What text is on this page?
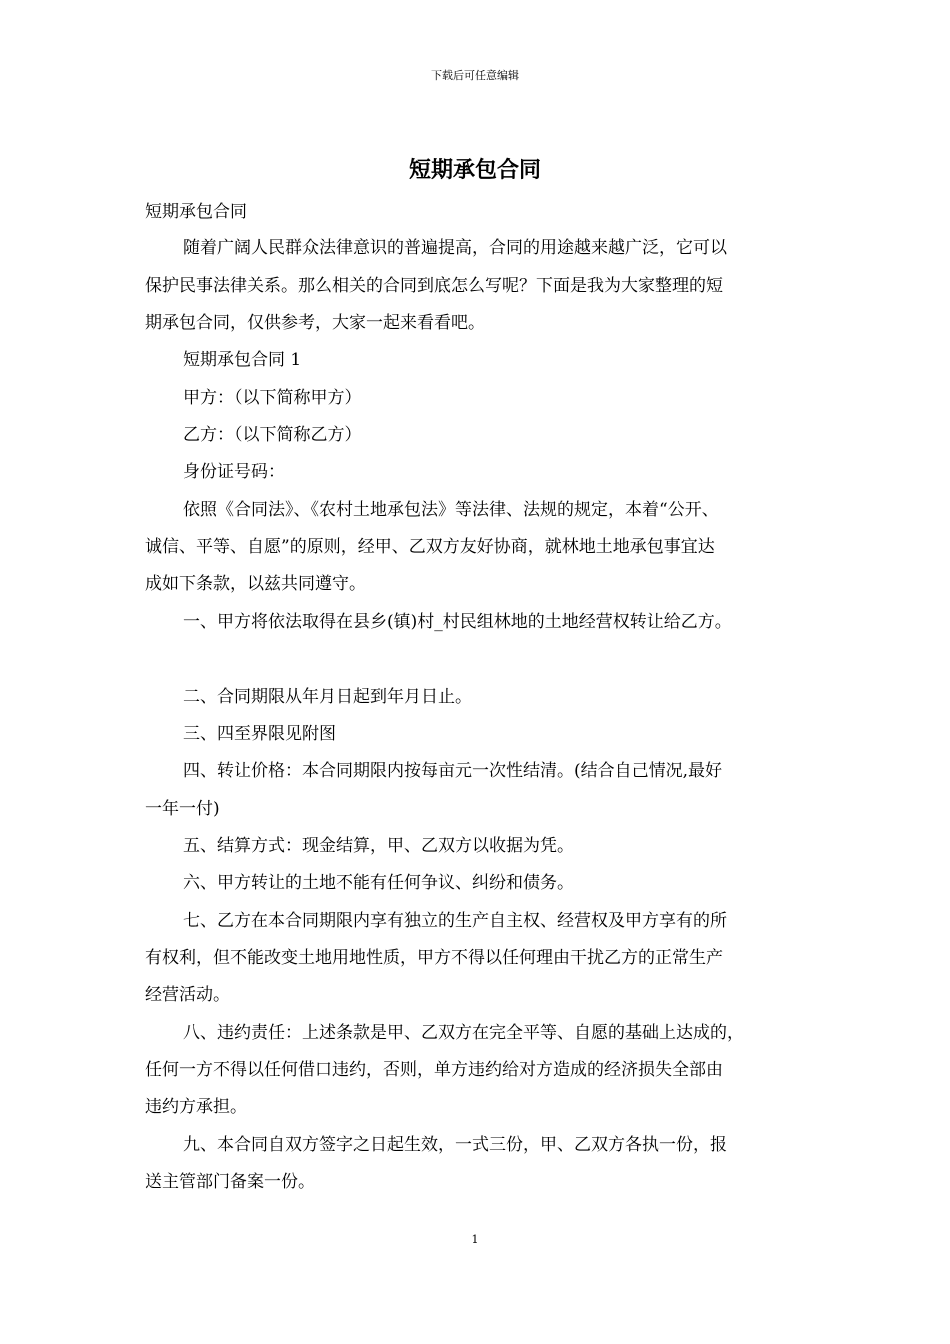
下载后可任意编辑
短期承包合同
短期承包合同
随着广阔人民群众法律意识的普遍提高，合同的用途越来越广泛，它可以
保护民事法律关系。那么相关的合同到底怎么写呢？下面是我为大家整理的短
期承包合同，仅供参考，大家一起来看看吧。
短期承包合同 1
甲方：（以下简称甲方）
乙方：（以下简称乙方）
身份证号码：
依照《合同法》、《农村土地承包法》等法律、法规的规定，本着“公开、
诚信、平等、自愿”的原则，经甲、乙双方友好协商，就林地土地承包事宜达
成如下条款，以兹共同遵守。
一、甲方将依法取得在县乡(镇)村_村民组林地的土地经营权转让给乙方。
二、合同期限从年月日起到年月日止。
三、四至界限见附图
四、转让价格：本合同期限内按每亩元一次性结清。(结合自己情况,最好
一年一付)
五、结算方式：现金结算，甲、乙双方以收据为凭。
六、甲方转让的土地不能有任何争议、纠纷和债务。
七、乙方在本合同期限内享有独立的生产自主权、经营权及甲方享有的所
有权利，但不能改变土地用地性质，甲方不得以任何理由干扰乙方的正常生产
经营活动。
八、违约责任：上述条款是甲、乙双方在完全平等、自愿的基础上达成的，
任何一方不得以任何借口违约，否则，单方违约给对方造成的经济损失全部由
违约方承担。
九、本合同自双方签字之日起生效，一式三份，甲、乙双方各执一份，报
送主管部门备案一份。
1
